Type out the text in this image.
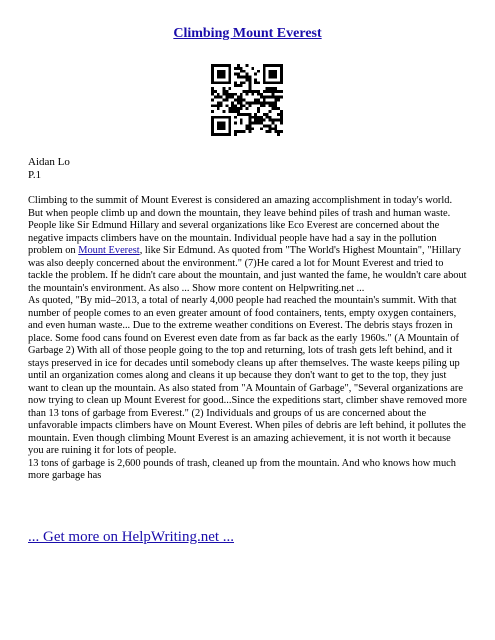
Climbing Mount Everest
Aidan Lo
P.1

Climbing to the summit of Mount Everest is considered an amazing accomplishment in today's world. But when people climb up and down the mountain, they leave behind piles of trash and human waste. People like Sir Edmund Hillary and several organizations like Eco Everest are concerned about the negative impacts climbers have on the mountain. Individual people have had a say in the pollution problem on Mount Everest, like Sir Edmund. As quoted from "The World's Highest Mountain", "Hillary was also deeply concerned about the environment." (7)He cared a lot for Mount Everest and tried to tackle the problem. If he didn't care about the mountain, and just wanted the fame, he wouldn't care about the mountain's environment. As also ... Show more content on Helpwriting.net ...

As quoted, "By mid–2013, a total of nearly 4,000 people had reached the mountain's summit. With that number of people comes to an even greater amount of food containers, tents, empty oxygen containers, and even human waste... Due to the extreme weather conditions on Everest. The debris stays frozen in place. Some food cans found on Everest even date from as far back as the early 1960s." (A Mountain of Garbage 2) With all of those people going to the top and returning, lots of trash gets left behind, and it stays preserved in ice for decades until somebody cleans up after themselves. The waste keeps piling up until an organization comes along and cleans it up because they don't want to get to the top, they just want to clean up the mountain. As also stated from "A Mountain of Garbage", "Several organizations are now trying to clean up Mount Everest for good...Since the expeditions start, climber shave removed more than 13 tons of garbage from Everest." (2) Individuals and groups of us are concerned about the unfavorable impacts climbers have on Mount Everest. When piles of debris are left behind, it pollutes the mountain. Even though climbing Mount Everest is an amazing achievement, it is not worth it because you are ruining it for lots of people.

13 tons of garbage is 2,600 pounds of trash, cleaned up from the mountain. And who knows how much more garbage has

... Get more on HelpWriting.net ...
